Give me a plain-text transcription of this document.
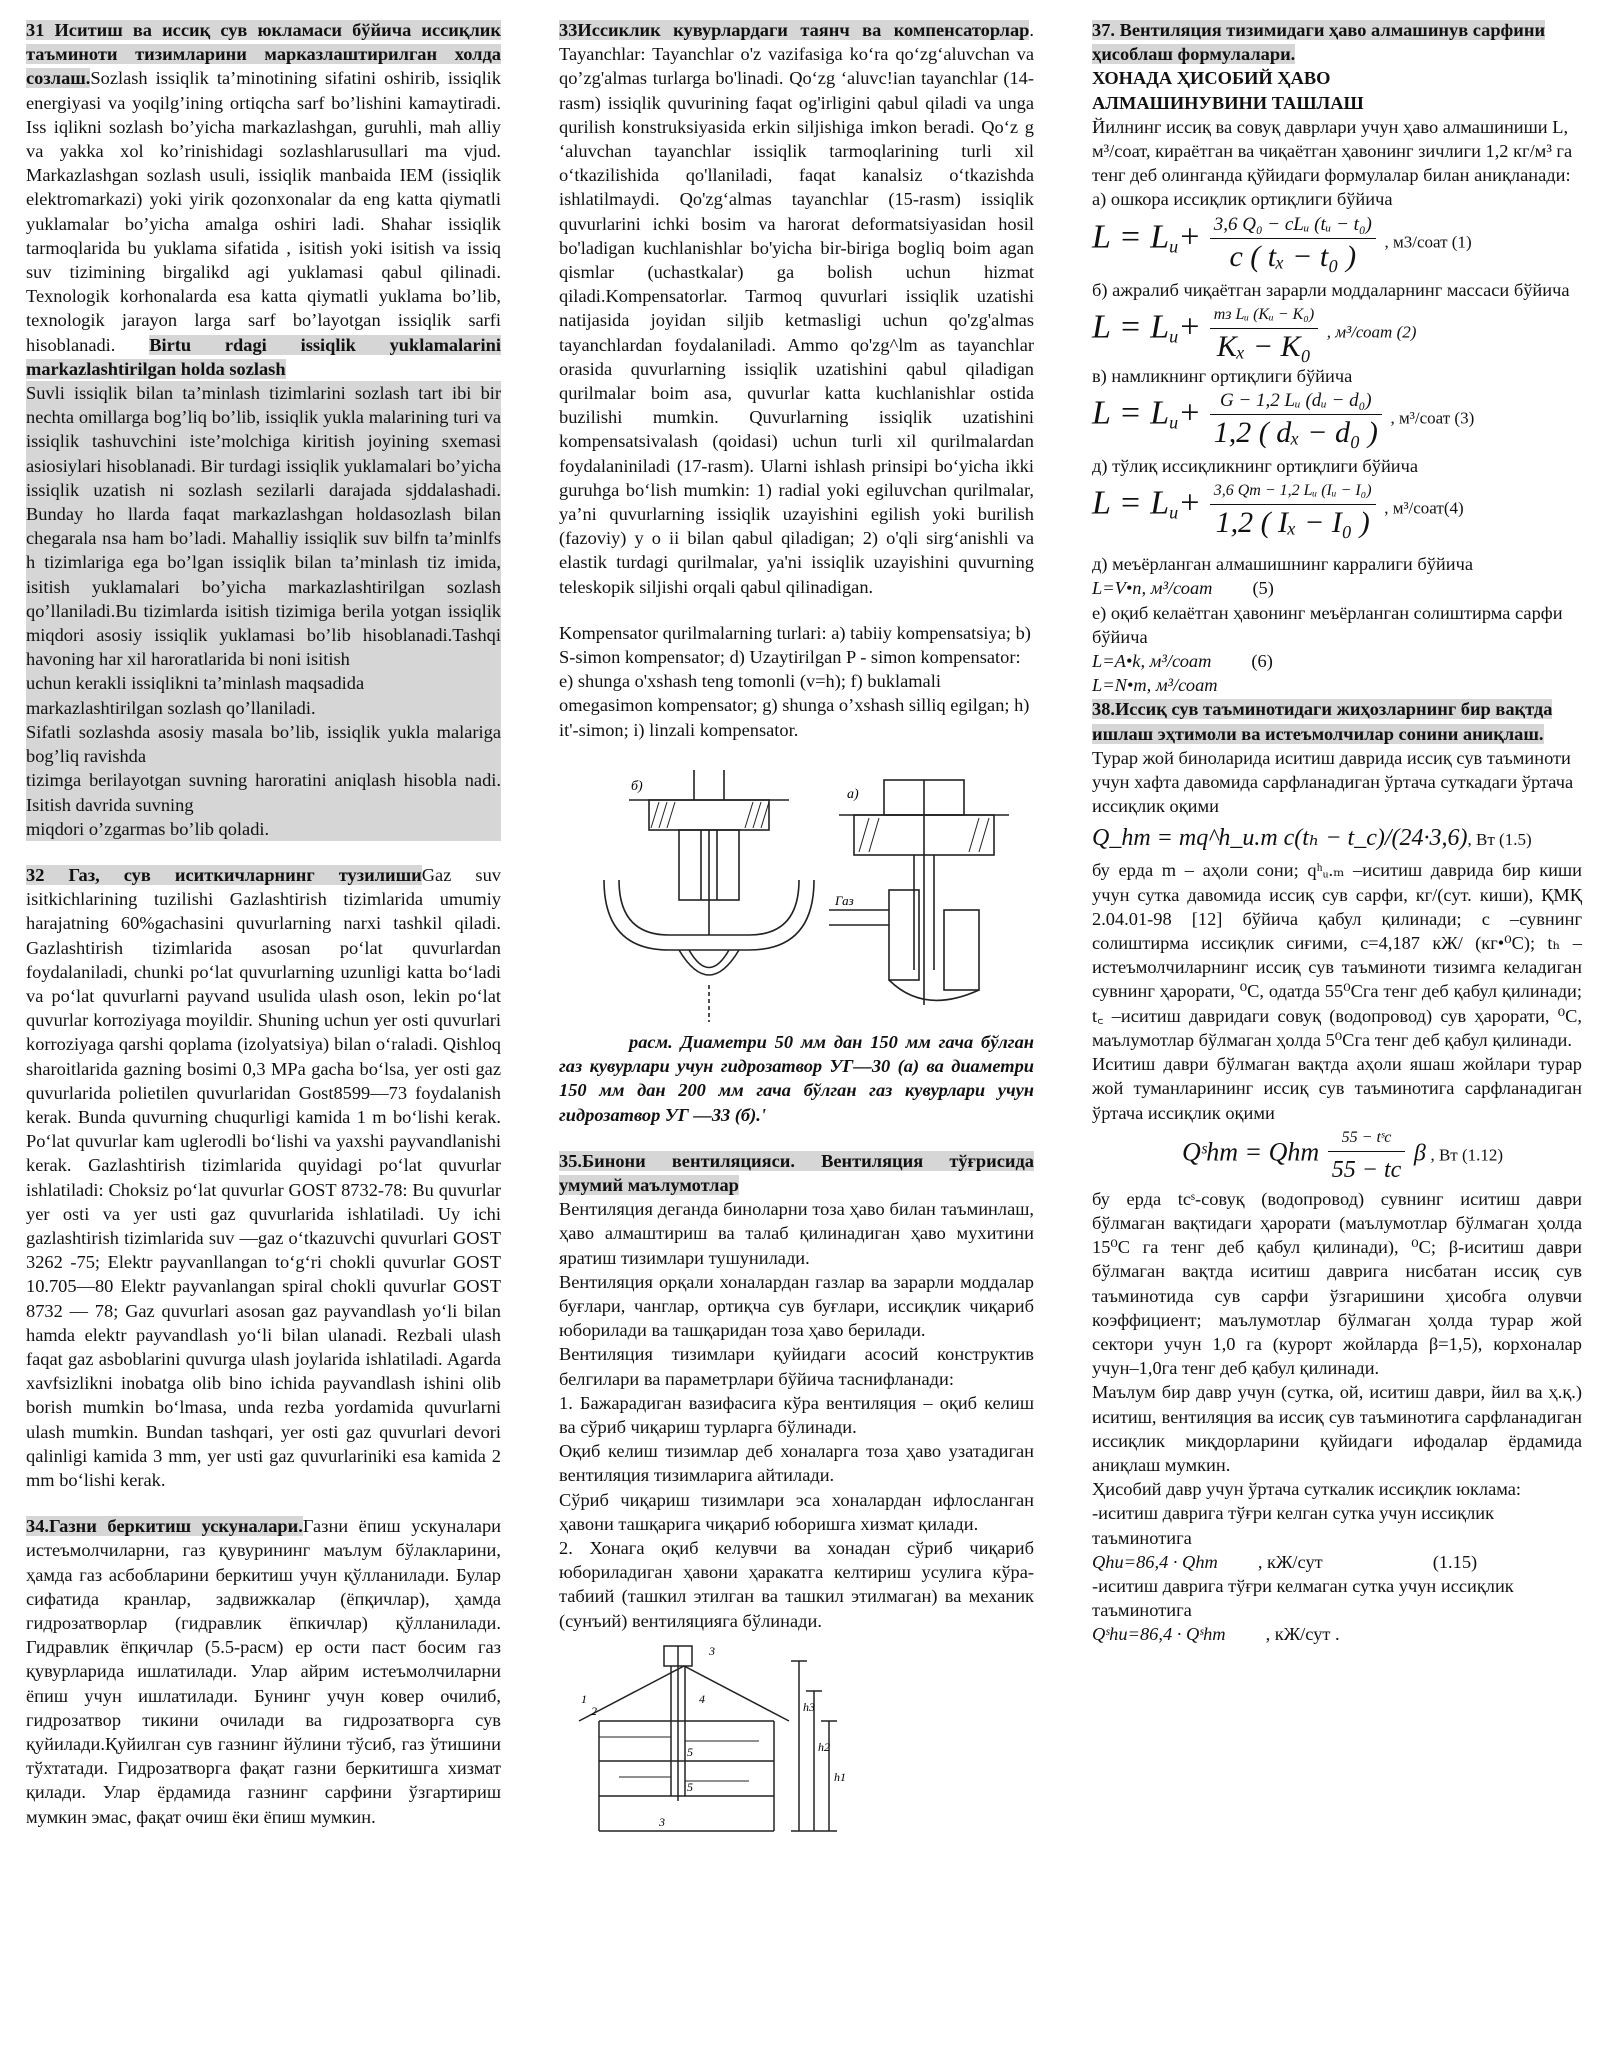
31 Иситиш ва иссиқ сув юкламаси бўйича иссиқлик таъминоти тизимларини марказлаштирилган холда созлаш.Sozlash issiqlik ta’minotining sifatini oshirib, issiqlik energiyasi va yoqilg’ining ortiqcha sarf bo’lishini kamaytiradi. Iss iqlikni sozlash bo’yicha markazlashgan, guruhli, mah alliy va yakka xol ko’rinishidagi sozlashlarusullari ma vjud. Markazlashgan sozlash usuli, issiqlik manbaida IEM (issiqlik elektromarkazi) yoki yirik qozonxonalar da eng katta qiymatli yuklamalar bo’yicha amalga oshiri ladi. Shahar issiqlik tarmoqlarida bu yuklama sifatida , isitish yoki isitish va issiq suv tizimining birgalikd agi yuklamasi qabul qilinadi. Texnologik korhonalarda esa katta qiymatli yuklama bo’lib, texnologik jarayon larga sarf bo’layotgan issiqlik sarfi hisoblanadi. Birtu rdagi issiqlik yuklamalarini markazlashtirilgan holda sozlash

Suvli issiqlik bilan ta’minlash tizimlarini sozlash tart ibi bir nechta omillarga bog’liq bo’lib, issiqlik yukla malarining turi va issiqlik tashuvchini iste’molchiga kiritish joyining sxemasi asiosiylari hisoblanadi. Bir turdagi issiqlik yuklamalari bo’yicha issiqlik uzatish ni sozlash sezilarli darajada sjddalashadi. Bunday ho llarda faqat markazlashgan holdasozlash bilan chegarala nsa ham bo’ladi. Mahalliy issiqlik suv bilfn ta’minlfs h tizimlariga ega bo’lgan issiqlik bilan ta’minlash tiz imida, isitish yuklamalari bo’yicha markazlashtirilgan sozlash qo’llaniladi.Bu tizimlarda isitish tizimiga berila yotgan issiqlik miqdori asosiy issiqlik yuklamasi bo’lib hisoblanadi.Tashqi havoning har xil haroratlarida bi noni isitish

uchun kerakli issiqlikni ta’minlash maqsadida

markazlashtirilgan sozlash qo’llaniladi.

Sifatli sozlashda asosiy masala bo’lib, issiqlik yukla malariga bog’liq ravishda

tizimga berilayotgan suvning haroratini aniqlash hisobla nadi. Isitish davrida suvning

miqdori o’zgarmas bo’lib qoladi.

32 Газ, сув иситкичларнинг тузилишиGaz suv isitkichlarining tuzilishi Gazlashtirish tizimlarida umumiy harajatning 60%gachasini quvurlarning narxi tashkil qiladi. Gazlashtirish tizimlarida asosan po‘lat quvurlardan foydalaniladi, chunki po‘lat quvurlarning uzunligi katta bo‘ladi va po‘lat quvurlarni payvand usulida ulash oson, lekin po‘lat quvurlar korroziyaga moyildir. Shuning uchun yer osti quvurlari korroziyaga qarshi qoplama (izolyatsiya) bilan o‘raladi. Qishloq sharoitlarida gazning bosimi 0,3 MPa gacha bo‘lsa, yer osti gaz quvurlarida polietilen quvurlaridan Gost8599—73 foydalanish kerak. Bunda quvurning chuqurligi kamida 1 m bo‘lishi kerak. Po‘lat quvurlar kam uglerodli bo‘lishi va yaxshi payvandlanishi kerak. Gazlashtirish tizimlarida quyidagi po‘lat quvurlar ishlatiladi: Choksiz po‘lat quvurlar GOST 8732-78: Bu quvurlar yer osti va yer usti gaz quvurlarida ishlatiladi. Uy ichi gazlashtirish tizimlarida suv —gaz o‘tkazuvchi quvurlari GOST 3262 -75; Elektr payvanllangan to‘g‘ri chokli quvurlar GOST 10.705—80 Elektr payvanlangan spiral chokli quvurlar GOST 8732 — 78; Gaz quvurlari asosan gaz payvandlash yo‘li bilan hamda elektr payvandlash yo‘li bilan ulanadi. Rezbali ulash faqat gaz asboblarini quvurga ulash joylarida ishlatiladi. Agarda xavfsizlikni inobatga olib bino ichida payvandlash ishini olib borish mumkin bo‘lmasa, unda rezba yordamida quvurlarni ulash mumkin. Bundan tashqari, yer osti gaz quvurlari devori qalinligi kamida 3 mm, yer usti gaz quvurlariniki esa kamida 2 mm bo‘lishi kerak.

34.Газни беркитиш ускуналари.Газни ёпиш ускуналари истеъмолчиларни, газ қувурининг маълум бўлакларини, ҳамда газ асбобларини беркитиш учун қўлланилади. Булар сифатида кранлар, задвижкалар (ёпқичлар), ҳамда гидрозатворлар (гидравлик ёпкичлар) қўлланилади. Гидравлик ёпқичлар (5.5-расм) ер ости паст босим газ қувурларида ишлатилади. Улар айрим истеъмолчиларни ёпиш учун ишлатилади. Бунинг учун ковер очилиб, гидрозатвор тикини очилади ва гидрозатворга сув қуйилади.Қуйилган сув газнинг йўлини тўсиб, газ ўтишини тўхтатади. Гидрозатворга фақат газни беркитишга хизмат қилади. Улар ёрдамида газнинг сарфини ўзгартириш мумкин эмас, фақат очиш ёки ёпиш мумкин.

33Иссиклик кувурлардаги таянч ва компенсаторлар. Tayanchlar: Tayanchlar o'z vazifasiga ko‘ra qo‘zg‘aluvchan va qo’zg'almas turlarga bo'linadi. Qo‘zg ‘aluvc!ian tayanchlar (14-rasm) issiqlik quvurining faqat og'irligini qabul qiladi va unga qurilish konstruksiyasida erkin siljishiga imkon beradi. Qo‘z g ‘aluvchan tayanchlar issiqlik tarmoqlarining turli xil o‘tkazilishida qo'llaniladi, faqat kanalsiz o‘tkazishda ishlatilmaydi. Qo'zg‘almas tayanchlar (15-rasm) issiqlik quvurlarini ichki bosim va harorat deformatsiyasidan hosil bo'ladigan kuchlanishlar bo'yicha bir-biriga bogliq boim agan qismlar (uchastkalar) ga bolish uchun hizmat qiladi.Kompensatorlar. Tarmoq quvurlari issiqlik uzatishi natijasida joyidan siljib ketmasligi uchun qo'zg'almas tayanchlardan foydalaniladi. Ammo qo'zg^lm as tayanchlar orasida quvurlarning issiqlik uzatishini qabul qiladigan qurilmalar boim asa, quvurlar katta kuchlanishlar ostida buzilishi mumkin. Quvurlarning issiqlik uzatishini kompensatsivalash (qoidasi) uchun turli xil qurilmalardan foydalaniniladi (17-rasm). Ularni ishlash prinsipi bo‘yicha ikki guruhga bo‘lish mumkin: 1) radial yoki egiluvchan qurilmalar, ya’ni quvurlarning issiqlik uzayishini egilish yoki burilish (fazoviy) y o ii bilan qabul qiladigan; 2) o'qli sirg‘anishli va elastik turdagi qurilmalar, ya'ni issiqlik uzayishini quvurning teleskopik siljishi orqali qabul qilinadigan.

Kompensator qurilmalarning turlari: a) tabiiy kompensatsiya; b) S-simon kompensator; d) Uzaytirilgan P - simon kompensator: e) shunga o'xshash teng tomonli (v=h); f) buklamali omegasimon kompensator; g) shunga o’xshash silliq egilgan; h) it'-simon; i) linzali kompensator.

б)
а)
Газ

расм. Диаметри 50 мм дан 150 мм гача бўлган газ кувурлари учун гидрозатвор УГ—30 (а) ва диаметри 150 мм дан 200 мм гача бўлган газ кувурлари учун гидрозатвор УГ —33 (б).'

35.Бинони вентиляцияси. Вентиляция тўғрисида умумий маълумотлар

Вентиляция деганда бинoларни тоза ҳаво билан таъминлаш, ҳаво алмаштириш ва талаб қилинадиган ҳаво мухитини яратиш тизимлари тушунилади.

Вентиляция орқали хоналардан газлар ва зарарли моддалар буғлари, чанглар, ортиқча сув буғлари, иссиқлик чиқариб юборилади ва ташқаридан тоза ҳаво берилади.

Вентиляция тизимлари қуйидаги асосий конструктив белгилари ва параметрлари бўйича таснифланади:

1. Бажарадиган вазифасига кўра вентиляция – оқиб келиш ва сўриб чиқариш турларга бўлинади.

Оқиб келиш тизимлар деб хоналарга тоза ҳаво узатадиган вентиляция тизимларига айтилади.

Сўриб чиқариш тизимлари эса хоналардан ифлосланган ҳавони ташқарига чиқариб юборишга хизмат қилади.

2. Хонага оқиб келувчи ва хонадан сўриб чиқариб юбориладиган ҳавони ҳаракатга келтириш усулига кўра-табиий (ташкил этилган ва ташкил этилмаган) ва механик (сунъий) вентиляцияга бўлинади.

3
1
2
4
5
5
3
h1
h2
h3

37. Вентиляция тизимидаги ҳаво алмашинув сарфини ҳисоблаш формулалари.

ХОНАДА ҲИСОБИЙ ҲАВО

АЛМАШИНУВИНИ ТАШЛАШ

Йилнинг иссиқ ва совуқ даврлари учун ҳаво алмашиниши L, м³/соат, кираётган ва чиқаётган ҳавонинг зичлиги 1,2 кг/м³ га тенг деб олинганда қўйидаги формулалар билан аниқланади:

а) ошкора иссиқлик ортиқлиги бўйича

$L = L_u+ \frac{\text{3,6 Q₀ − cLᵤ (tᵤ − t₀)}}{\text{c ( tₓ − t₀ )}}$ , м3/соат (1)

б) ажралиб чиқаётган зарарли моддаларнинг массаси бўйича

$L = L_u+ \frac{\text{mз Lᵤ (Kᵤ − K₀)}}{\text{Kₓ − K₀}}$ , м³/соат (2)

в) намликнинг ортиқлиги бўйича

$L = L_u+ \frac{\text{G − 1,2 Lᵤ (dᵤ − d₀)}}{\text{1,2 ( dₓ − d₀ )}}$ , м³/соат (3)

д) тўлиқ иссиқликнинг ортиқлиги бўйича

$L = L_u+ \frac{\text{3,6 Qт − 1,2 Lᵤ (Iᵤ − I₀)}}{\text{1,2 ( Iₓ − I₀ )}}$ , м³/соат(4)

д) меъёрланган алмашишнинг карралиги бўйича

L=V•n, м³/соат (5)

е) оқиб келаётган ҳавонинг меъёрланган солиштирма сарфи бўйича

L=A•k, м³/соат (6)

L=N•m, м³/соат

38.Иссиқ сув таъминотидаги жиҳозларнинг бир вақтда ишлаш эҳтимоли ва истеъмолчилар сонини аниқлаш.

Турар жой биноларида иситиш даврида иссиқ сув таъминоти учун хафта давомида сарфланадиган ўртача суткадаги ўртача иссиқлик оқими

Q_hm = mq^h_u.m c(tₕ − t_c)/(24·3,6), Вт (1.5)

бу ерда m – аҳоли сони; qʰᵤ.ₘ –иситиш даврида бир киши учун сутка давомида иссиқ сув сарфи, кг/(сут. киши), ҚМҚ 2.04.01-98 [12] бўйича қабул қилинади; c –сувнинг солиштирма иссиқлик сиғими, c=4,187 кЖ/ (кг•⁰C); tₕ –истеъмолчиларнинг иссиқ сув таъминоти тизимга келадиган сувнинг ҳарорати, ⁰C, одатда 55⁰Cга тенг деб қабул қилинади; t꜀ –иситиш давридаги совуқ (водопровод) сув ҳарорати, ⁰C, маълумотлар бўлмаган ҳолда 5⁰Cга тенг деб қабул қилинади.

Иситиш даври бўлмаган вақтда аҳоли яшаш жойлари турар жой туманларининг иссиқ сув таъминотига сарфланадиган ўртача иссиқлик оқими

Qˢhm = Qhm $\frac{\text{55 − tˢc}}{55 - tc}$ β , Вт (1.12)

бу ерда tcˢ-совуқ (водопровод) сувнинг иситиш даври бўлмаган вақтидаги ҳарорати (маълумотлар бўлмаган ҳолда 15⁰C га тенг деб қабул қилинади), ⁰C; β-иситиш даври бўлмаган вақтда иситиш даврига нисбатан иссиқ сув таъминотида сув сарфи ўзгаришини ҳисобга олувчи коэффициент; маълумотлар бўлмаган ҳолда турар жой сектори учун 1,0 га (курорт жойларда β=1,5), корхоналар учун–1,0га тенг деб қабул қилинади.

Маълум бир давр учун (сутка, ой, иситиш даври, йил ва ҳ.қ.) иситиш, вентиляция ва иссиқ сув таъминотига сарфланадиган иссиқлик миқдорларини қуйидаги ифодалар ёрдамида аниқлаш мумкин.

Ҳисобий давр учун ўртача суткалик иссиқлик юклама:

-иситиш даврига тўғри келган сутка учун иссиқлик таъминотига

Qhu=86,4 · Qhm , кЖ/сут	(1.15)

-иситиш даврига тўғри келмаган сутка учун иссиқлик таъминотига

Qˢhu=86,4 · Qˢhm , кЖ/сут .
